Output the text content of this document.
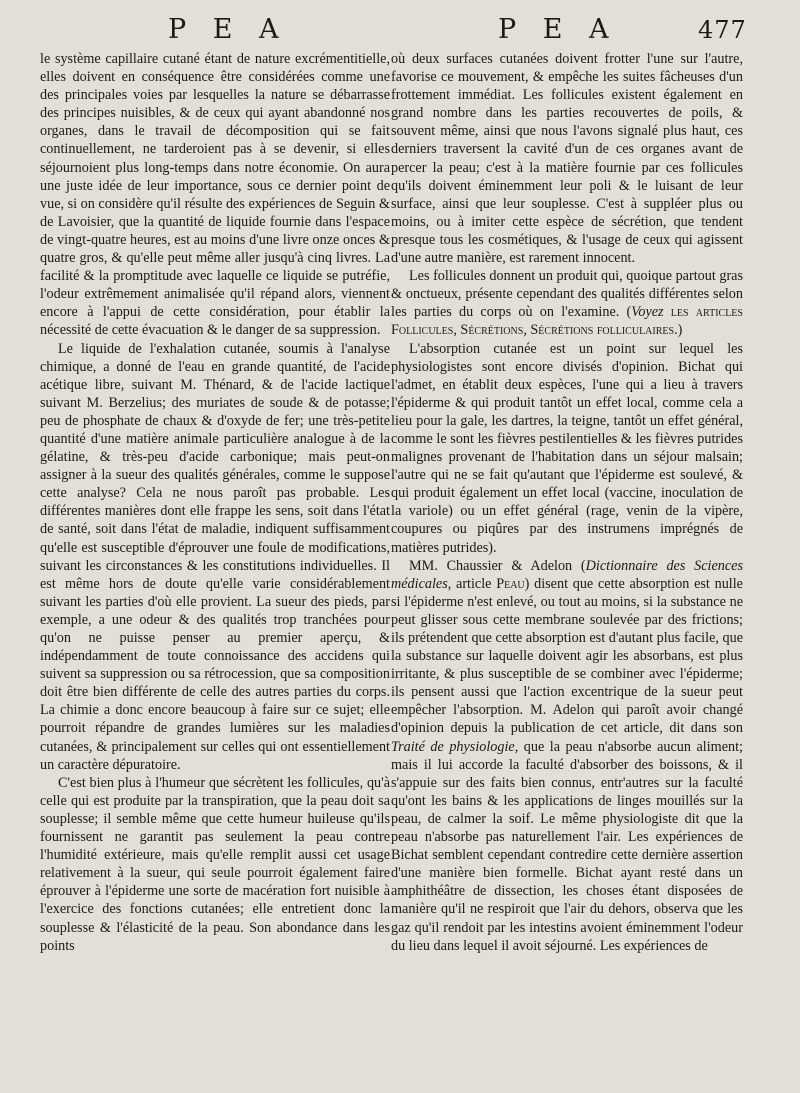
P E A	P E A	477

le système capillaire cutané étant de nature excrémentitielle, elles doivent en conséquence être considérées comme une des principales voies par lesquelles la nature se débarrasse des principes nuisibles, & de ceux qui ayant abandonné nos organes, dans le travail de décomposition qui se fait continuellement, ne tarderoient pas à se devenir, si elles séjournoient plus long-temps dans notre économie. On aura une juste idée de leur importance, sous ce dernier point de vue, si on considère qu'il résulte des expériences de Seguin & de Lavoisier, que la quantité de liquide fournie dans l'espace de vingt-quatre heures, est au moins d'une livre onze onces & quatre gros, & qu'elle peut même aller jusqu'à cinq livres. La facilité & la promptitude avec laquelle ce liquide se putréfie, l'odeur extrêmement animalisée qu'il répand alors, viennent encore à l'appui de cette considération, pour établir la nécessité de cette évacuation & le danger de sa suppression.

Le liquide de l'exhalation cutanée, soumis à l'analyse chimique, a donné de l'eau en grande quantité, de l'acide acétique libre, suivant M. Thénard, & de l'acide lactique suivant M. Berzelius; des muriates de soude & de potasse; peu de phosphate de chaux & d'oxyde de fer; une très-petite quantité d'une matière animale particulière analogue à de la gélatine, & très-peu d'acide carbonique; mais peut-on assigner à la sueur des qualités générales, comme le suppose cette analyse? Cela ne nous paroît pas probable. Les différentes manières dont elle frappe les sens, soit dans l'état de santé, soit dans l'état de maladie, indiquent suffisamment qu'elle est susceptible d'éprouver une foule de modifications, suivant les circonstances & les constitutions individuelles. Il est même hors de doute qu'elle varie considérablement suivant les parties d'où elle provient. La sueur des pieds, par exemple, a une odeur & des qualités trop tranchées pour qu'on ne puisse penser au premier aperçu, & indépendamment de toute connoissance des accidens qui suivent sa suppression ou sa rétrocession, que sa composition doit être bien différente de celle des autres parties du corps. La chimie a donc encore beaucoup à faire sur ce sujet; elle pourroit répandre de grandes lumières sur les maladies cutanées, & principalement sur celles qui ont essentiellement un caractère dépuratoire.

C'est bien plus à l'humeur que sécrètent les follicules, qu'à celle qui est produite par la transpiration, que la peau doit sa souplesse; il semble même que cette humeur huileuse qu'ils fournissent ne garantit pas seulement la peau contre l'humidité extérieure, mais qu'elle remplit aussi cet usage relativement à la sueur, qui seule pourroit également faire éprouver à l'épiderme une sorte de macération fort nuisible à l'exercice des fonctions cutanées; elle entretient donc la souplesse & l'élasticité de la peau. Son abondance dans les points

où deux surfaces cutanées doivent frotter l'une sur l'autre, favorise ce mouvement, & empêche les suites fâcheuses d'un frottement immédiat. Les follicules existent également en grand nombre dans les parties recouvertes de poils, & souvent même, ainsi que nous l'avons signalé plus haut, ces derniers traversent la cavité d'un de ces organes avant de percer la peau; c'est à la matière fournie par ces follicules qu'ils doivent éminemment leur poli & le luisant de leur surface, ainsi que leur souplesse. C'est à suppléer plus ou moins, ou à imiter cette espèce de sécrétion, que tendent presque tous les cosmétiques, & l'usage de ceux qui agissent d'une autre manière, est rarement innocent.

Les follicules donnent un produit qui, quoique partout gras & onctueux, présente cependant des qualités différentes selon les parties du corps où on l'examine. (Voyez les articles Follicules, Sécrétions, Sécrétions folliculaires.)

L'absorption cutanée est un point sur lequel les physiologistes sont encore divisés d'opinion. Bichat qui l'admet, en établit deux espèces, l'une qui a lieu à travers l'épiderme & qui produit tantôt un effet local, comme cela a lieu pour la gale, les dartres, la teigne, tantôt un effet général, comme le sont les fièvres pestilentielles & les fièvres putrides malignes provenant de l'habitation dans un séjour malsain; l'autre qui ne se fait qu'autant que l'épiderme est soulevé, & qui produit également un effet local (vaccine, inoculation de la variole) ou un effet général (rage, venin de la vipère, coupures ou piqûres par des instrumens imprégnés de matières putrides).

MM. Chaussier & Adelon (Dictionnaire des Sciences médicales, article Peau) disent que cette absorption est nulle si l'épiderme n'est enlevé, ou tout au moins, si la substance ne peut glisser sous cette membrane soulevée par des frictions; ils prétendent que cette absorption est d'autant plus facile, que la substance sur laquelle doivent agir les absorbans, est plus irritante, & plus susceptible de se combiner avec l'épiderme; ils pensent aussi que l'action excentrique de la sueur peut empêcher l'absorption. M. Adelon qui paroît avoir changé d'opinion depuis la publication de cet article, dit dans son Traité de physiologie, que la peau n'absorbe aucun aliment; mais il lui accorde la faculté d'absorber des boissons, & il s'appuie sur des faits bien connus, entr'autres sur la faculté qu'ont les bains & les applications de linges mouillés sur la peau, de calmer la soif. Le même physiologiste dit que la peau n'absorbe pas naturellement l'air. Les expériences de Bichat semblent cependant contredire cette dernière assertion d'une manière bien formelle. Bichat ayant resté dans un amphithéâtre de dissection, les choses étant disposées de manière qu'il ne respiroit que l'air du dehors, observa que les gaz qu'il rendoit par les intestins avoient éminemment l'odeur du lieu dans lequel il avoit séjourné. Les expériences de
